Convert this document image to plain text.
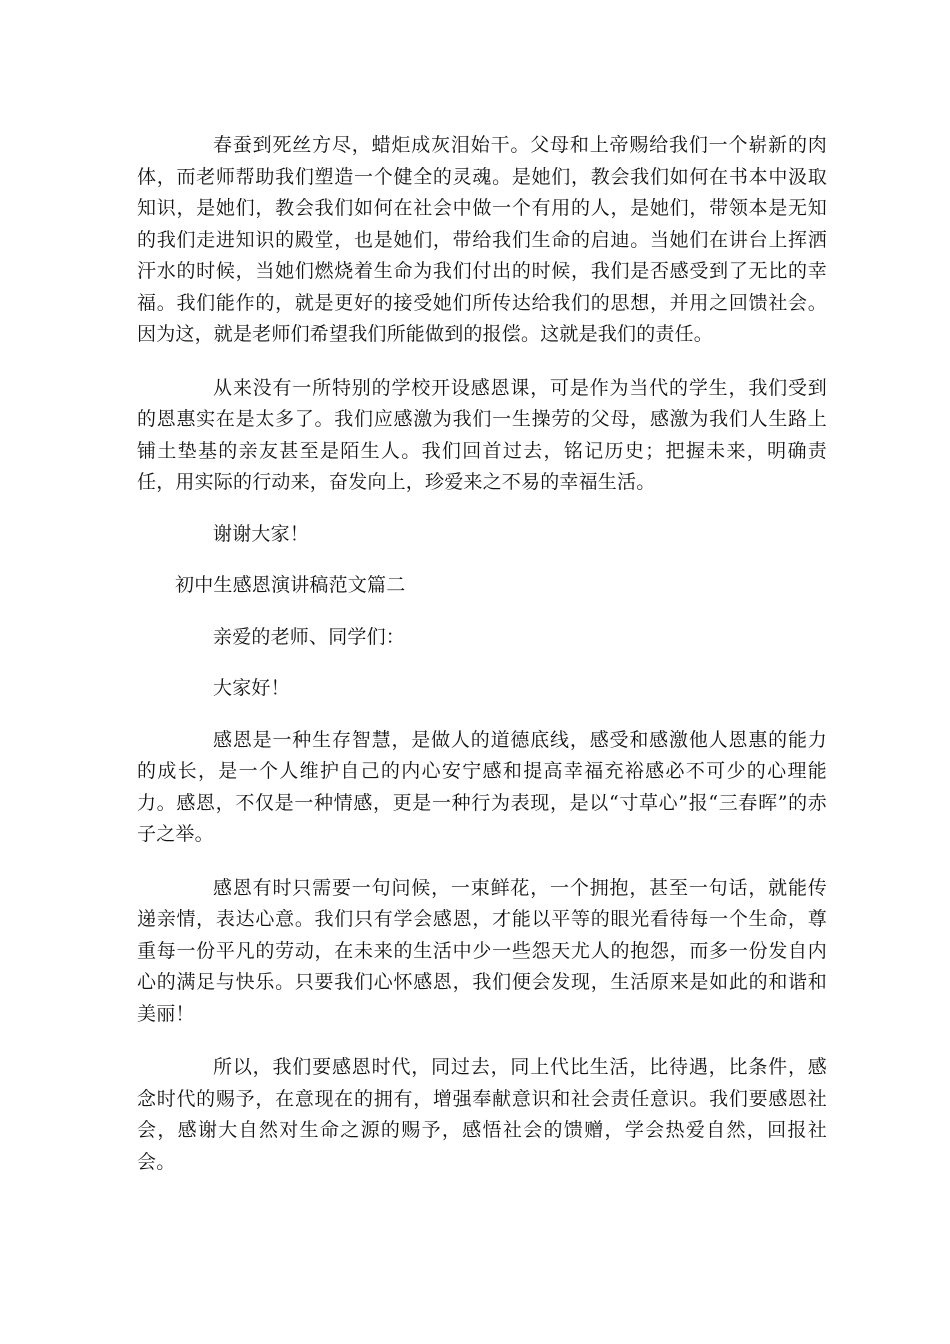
春蚕到死丝方尽，蜡炬成灰泪始干。父母和上帝赐给我们一个崭新的肉体，而老师帮助我们塑造一个健全的灵魂。是她们，教会我们如何在书本中汲取知识，是她们，教会我们如何在社会中做一个有用的人，是她们，带领本是无知的我们走进知识的殿堂，也是她们，带给我们生命的启迪。当她们在讲台上挥洒汗水的时候，当她们燃烧着生命为我们付出的时候，我们是否感受到了无比的幸福。我们能作的，就是更好的接受她们所传达给我们的思想，并用之回馈社会。因为这，就是老师们希望我们所能做到的报偿。这就是我们的责任。

从来没有一所特别的学校开设感恩课，可是作为当代的学生，我们受到的恩惠实在是太多了。我们应感激为我们一生操劳的父母，感激为我们人生路上铺土垫基的亲友甚至是陌生人。我们回首过去，铭记历史；把握未来，明确责任，用实际的行动来，奋发向上，珍爱来之不易的幸福生活。

谢谢大家！

初中生感恩演讲稿范文篇二

亲爱的老师、同学们：

大家好！

感恩是一种生存智慧，是做人的道德底线，感受和感激他人恩惠的能力的成长，是一个人维护自己的内心安宁感和提高幸福充裕感必不可少的心理能力。感恩，不仅是一种情感，更是一种行为表现，是以“寸草心”报“三春晖”的赤子之举。

感恩有时只需要一句问候，一束鲜花，一个拥抱，甚至一句话，就能传递亲情，表达心意。我们只有学会感恩，才能以平等的眼光看待每一个生命，尊重每一份平凡的劳动，在未来的生活中少一些怨天尤人的抱怨，而多一份发自内心的满足与快乐。只要我们心怀感恩，我们便会发现，生活原来是如此的和谐和美丽！

所以，我们要感恩时代，同过去，同上代比生活，比待遇，比条件，感念时代的赐予，在意现在的拥有，增强奉献意识和社会责任意识。我们要感恩社会，感谢大自然对生命之源的赐予，感悟社会的馈赠，学会热爱自然，回报社会。
